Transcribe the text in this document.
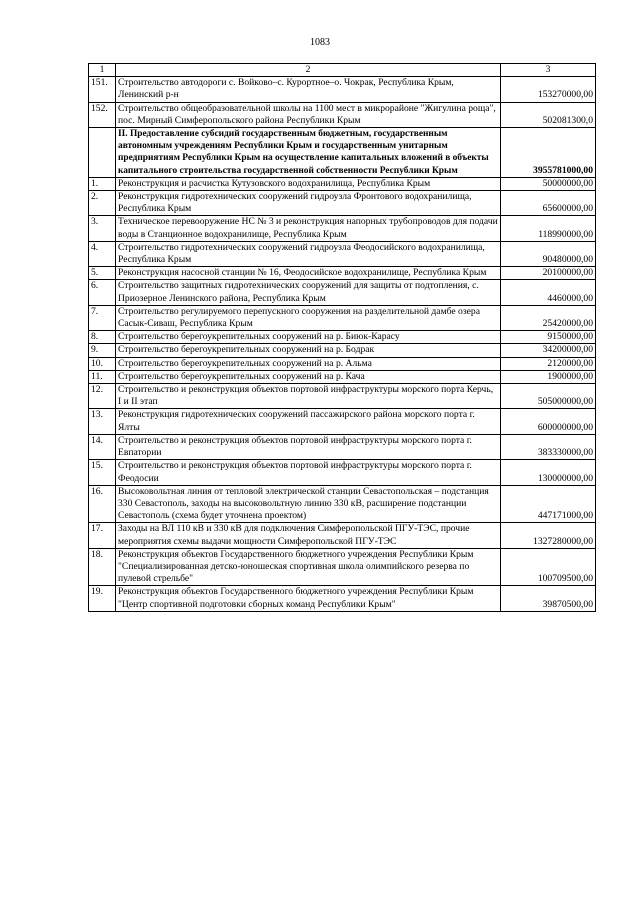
1083
1	2	3
151.	Строительство автодороги с. Войково–с. Курортное–о. Чокрак, Республика Крым, Ленинский р-н	153270000,00
152.	Строительство общеобразовательной школы на 1100 мест в микрорайоне "Жигулина роща", пос. Мирный Симферопольского района Республики Крым	502081300,0
	II. Предоставление субсидий государственным бюджетным, государственным автономным учреждениям Республики Крым и государственным унитарным предприятиям Республики Крым на осуществление капитальных вложений в объекты капитального строительства государственной собственности Республики Крым	3955781000,00
1.	Реконструкция и расчистка Кутузовского водохранилища, Республика Крым	50000000,00
2.	Реконструкция гидротехнических сооружений гидроузла Фронтового водохранилища, Республика Крым	65600000,00
3.	Техническое перевооружение НС № 3 и реконструкция напорных трубопроводов для подачи воды в Станционное водохранилище, Республика Крым	118990000,00
4.	Строительство гидротехнических сооружений гидроузла Феодосийского водохранилища, Республика Крым	90480000,00
5.	Реконструкция насосной станции № 16, Феодосийское водохранилище, Республика Крым	20100000,00
6.	Строительство защитных гидротехнических сооружений для защиты от подтопления, с. Приозерное Ленинского района, Республика Крым	4460000,00
7.	Строительство регулируемого перепускного сооружения на разделительной дамбе озера Сасык-Сиваш, Республика Крым	25420000,00
8.	Строительство берегоукрепительных сооружений на р. Биюк-Карасу	9150000,00
9.	Строительство берегоукрепительных сооружений на р. Бодрак	34200000,00
10.	Строительство берегоукрепительных сооружений на р. Альма	2120000,00
11.	Строительство берегоукрепительных сооружений на р. Кача	1900000,00
12.	Строительство и реконструкция объектов портовой инфраструктуры морского порта Керчь, I и II этап	505000000,00
13.	Реконструкция гидротехнических сооружений пассажирского района морского порта г. Ялты	600000000,00
14.	Строительство и реконструкция объектов портовой инфраструктуры морского порта г. Евпатории	383330000,00
15.	Строительство и реконструкция объектов портовой инфраструктуры морского порта г. Феодосии	130000000,00
16.	Высоковольтная линия от тепловой электрической станции Севастопольская – подстанция 330 Севастополь, заходы на высоковольтную линию 330 кВ, расширение подстанции Севастополь (схема будет уточнена проектом)	447171000,00
17.	Заходы на ВЛ 110 кВ и 330 кВ для подключения Симферопольской ПГУ-ТЭС, прочие мероприятия схемы выдачи мощности Симферопольской ПГУ-ТЭС	1327280000,00
18.	Реконструкция объектов Государственного бюджетного учреждения Республики Крым "Специализированная детско-юношеская спортивная школа олимпийского резерва по пулевой стрельбе"	100709500,00
19.	Реконструкция объектов Государственного бюджетного учреждения Республики Крым "Центр спортивной подготовки сборных команд Республики Крым"	39870500,00
